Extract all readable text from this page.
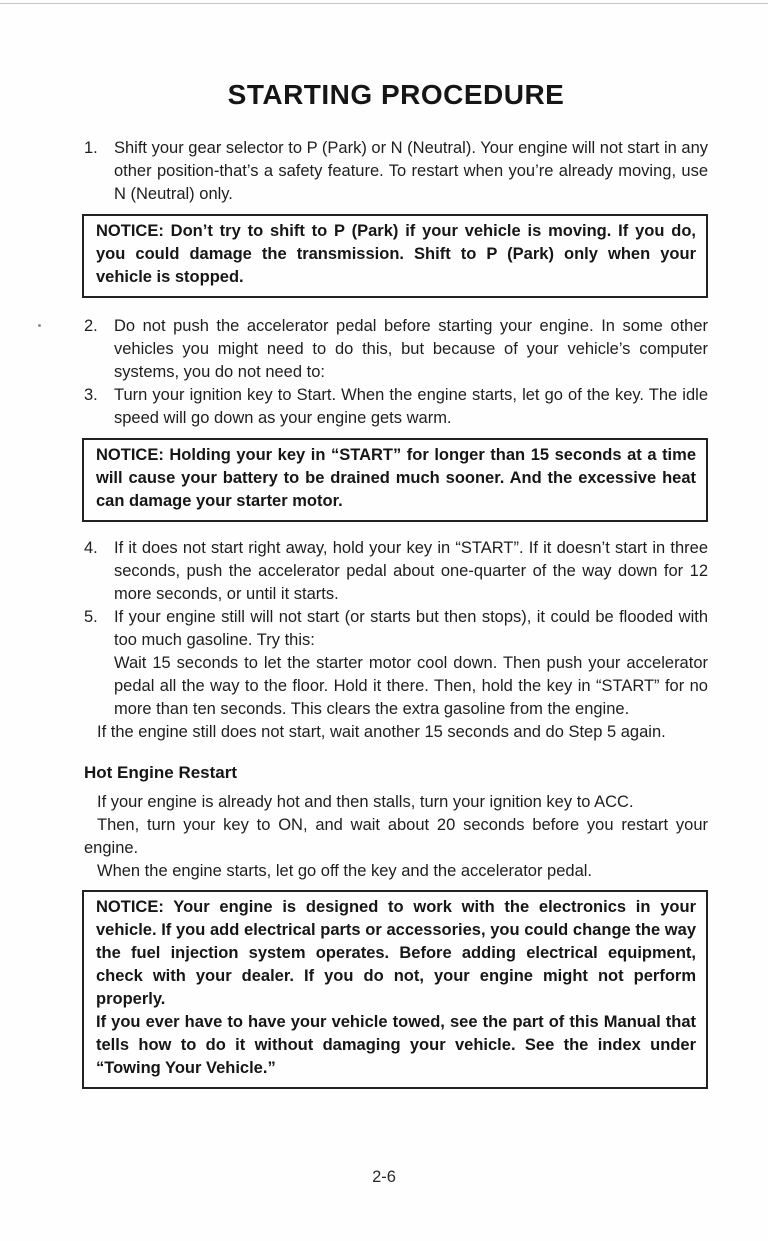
STARTING PROCEDURE
1. Shift your gear selector to P (Park) or N (Neutral). Your engine will not start in any other position-that’s a safety feature. To restart when you’re already moving, use N (Neutral) only.

NOTICE: Don’t try to shift to P (Park) if your vehicle is moving. If you do, you could damage the transmission. Shift to P (Park) only when your vehicle is stopped.

2. Do not push the accelerator pedal before starting your engine. In some other vehicles you might need to do this, but because of your vehicle’s computer systems, you do not need to:
3. Turn your ignition key to Start. When the engine starts, let go of the key. The idle speed will go down as your engine gets warm.

NOTICE: Holding your key in “START” for longer than 15 seconds at a time will cause your battery to be drained much sooner. And the excessive heat can damage your starter motor.

4. If it does not start right away, hold your key in “START”. If it doesn’t start in three seconds, push the accelerator pedal about one-quarter of the way down for 12 more seconds, or until it starts.
5. If your engine still will not start (or starts but then stops), it could be flooded with too much gasoline. Try this:

Wait 15 seconds to let the starter motor cool down. Then push your accelerator pedal all the way to the floor. Hold it there. Then, hold the key in “START” for no more than ten seconds. This clears the extra gasoline from the engine.

If the engine still does not start, wait another 15 seconds and do Step 5 again.

Hot Engine Restart

If your engine is already hot and then stalls, turn your ignition key to ACC.

Then, turn your key to ON, and wait about 20 seconds before you restart your engine.

When the engine starts, let go off the key and the accelerator pedal.

NOTICE: Your engine is designed to work with the electronics in your vehicle. If you add electrical parts or accessories, you could change the way the fuel injection system operates. Before adding electrical equipment, check with your dealer. If you do not, your engine might not perform properly.

If you ever have to have your vehicle towed, see the part of this Manual that tells how to do it without damaging your vehicle. See the index under “Towing Your Vehicle.”

2-6
